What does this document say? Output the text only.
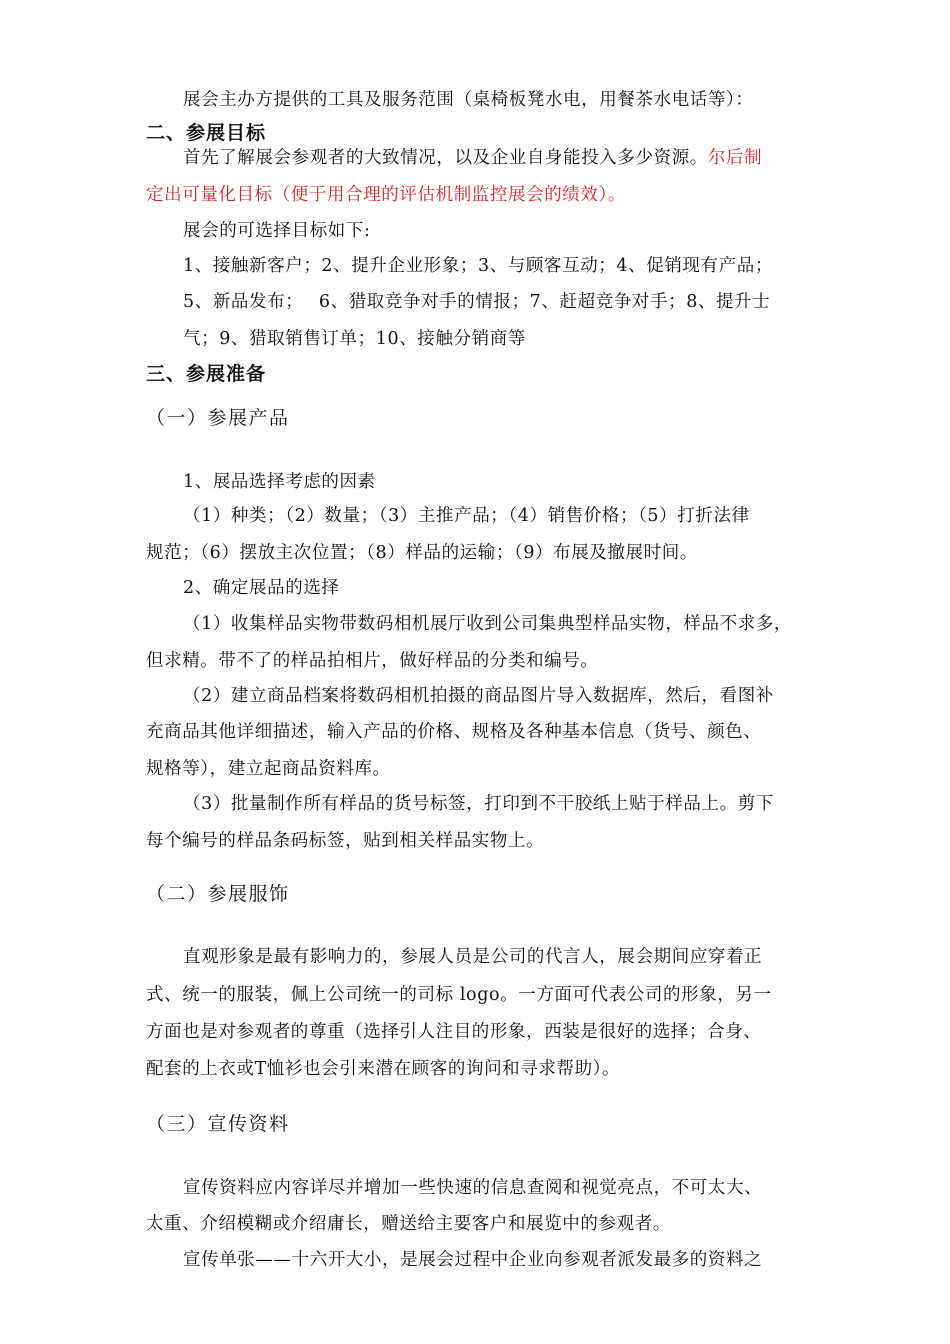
展会主办方提供的工具及服务范围（桌椅板凳水电，用餐茶水电话等）：
二、参展目标
首先了解展会参观者的大致情况，以及企业自身能投入多少资源。尔后制
定出可量化目标（便于用合理的评估机制监控展会的绩效）。
展会的可选择目标如下:
1、接触新客户；2、提升企业形象；3、与顾客互动；4、促销现有产品；
5、新品发布；　 6、猎取竞争对手的情报；7、赶超竞争对手；8、提升士
气；9、猎取销售订单；10、接触分销商等
三、参展准备
（一）参展产品
1、展品选择考虑的因素
（1）种类；（2）数量；（3）主推产品；（4）销售价格；（5）打折法律
规范；（6）摆放主次位置；（8）样品的运输；（9）布展及撤展时间。
2、确定展品的选择
（1）收集样品实物带数码相机展厅收到公司集典型样品实物，样品不求多，
但求精。带不了的样品拍相片，做好样品的分类和编号。
（2）建立商品档案将数码相机拍摄的商品图片导入数据库，然后，看图补
充商品其他详细描述，输入产品的价格、规格及各种基本信息（货号、颜色、
规格等），建立起商品资料库。
（3）批量制作所有样品的货号标签，打印到不干胶纸上贴于样品上。剪下
每个编号的样品条码标签，贴到相关样品实物上。
（二）参展服饰
直观形象是最有影响力的，参展人员是公司的代言人，展会期间应穿着正
式、统一的服装，佩上公司统一的司标 logo。一方面可代表公司的形象，另一
方面也是对参观者的尊重（选择引人注目的形象，西装是很好的选择；合身、
配套的上衣或T恤衫也会引来潜在顾客的询问和寻求帮助）。
（三）宣传资料
宣传资料应内容详尽并增加一些快速的信息查阅和视觉亮点，不可太大、
太重、介绍模糊或介绍庸长，赠送给主要客户和展览中的参观者。
宣传单张——十六开大小，是展会过程中企业向参观者派发最多的资料之
